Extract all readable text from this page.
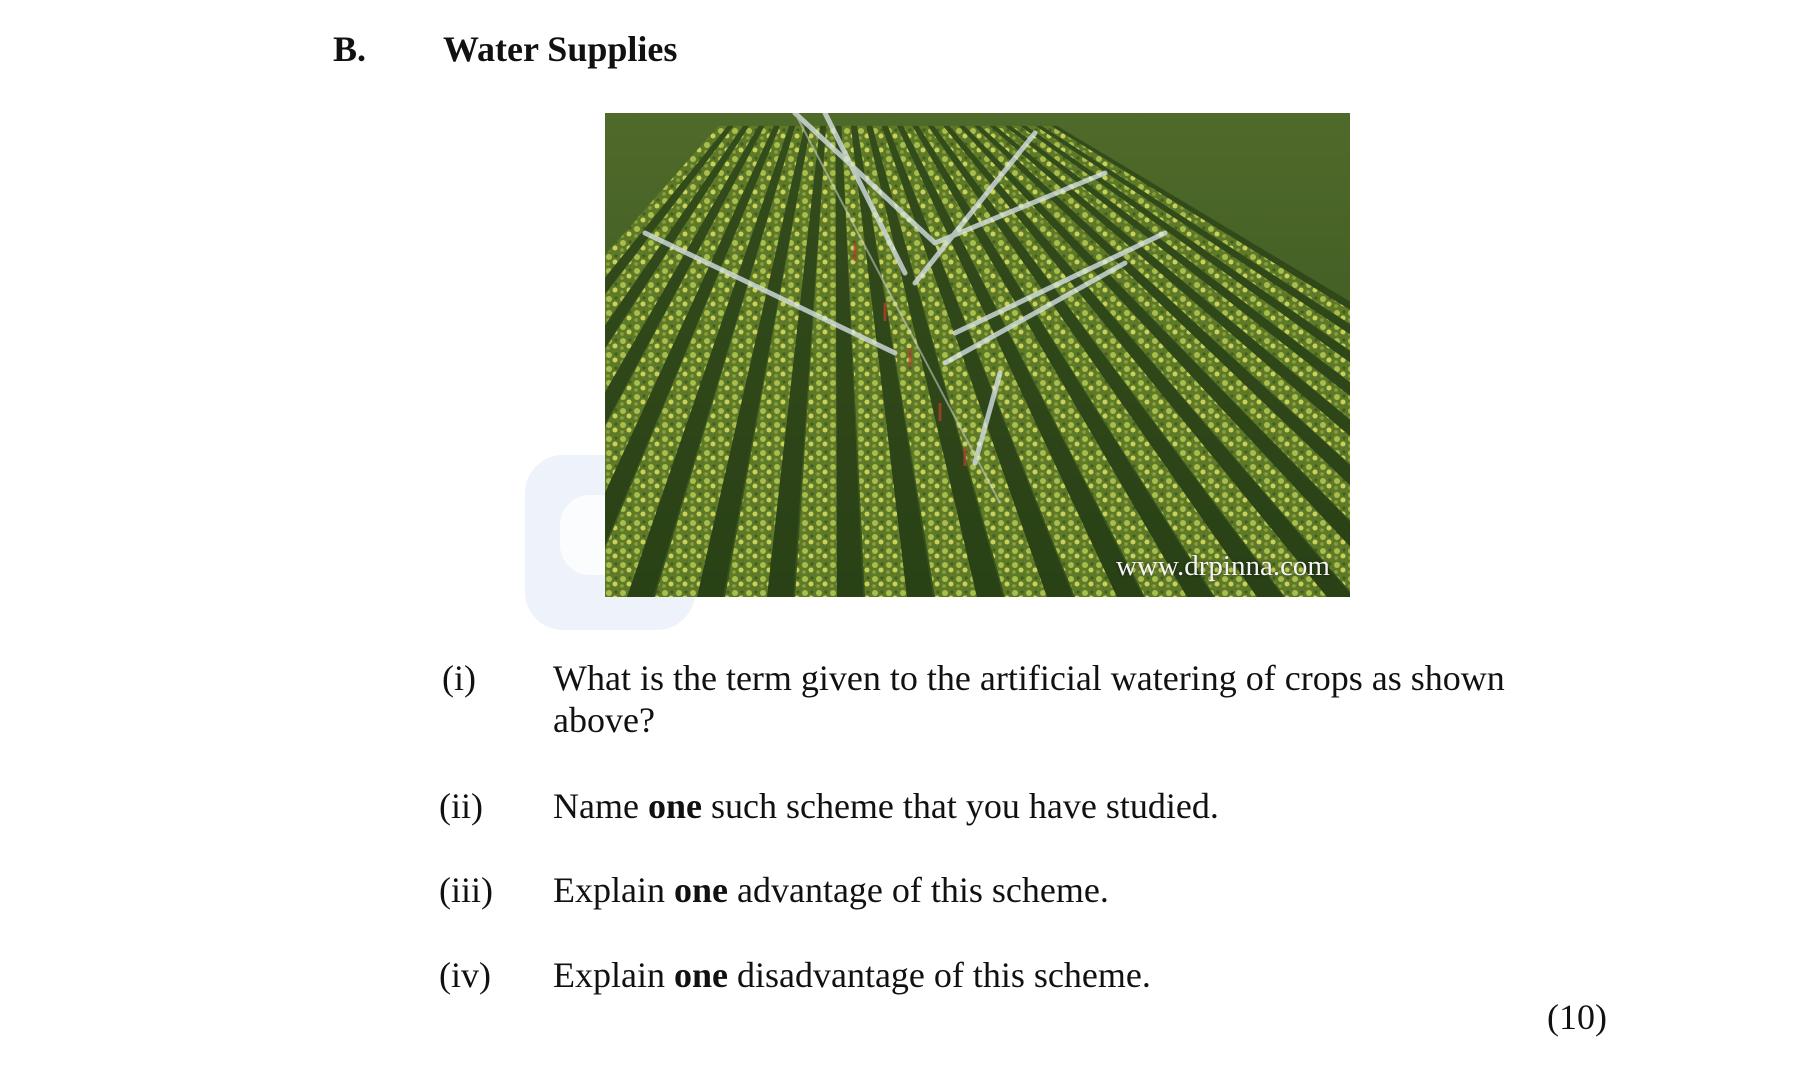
B. Water Supplies
www.drpinna.com
(i) What is the term given to the artificial watering of crops as shown above?
(ii) Name one such scheme that you have studied.
(iii) Explain one advantage of this scheme.
(iv) Explain one disadvantage of this scheme.
(10)
